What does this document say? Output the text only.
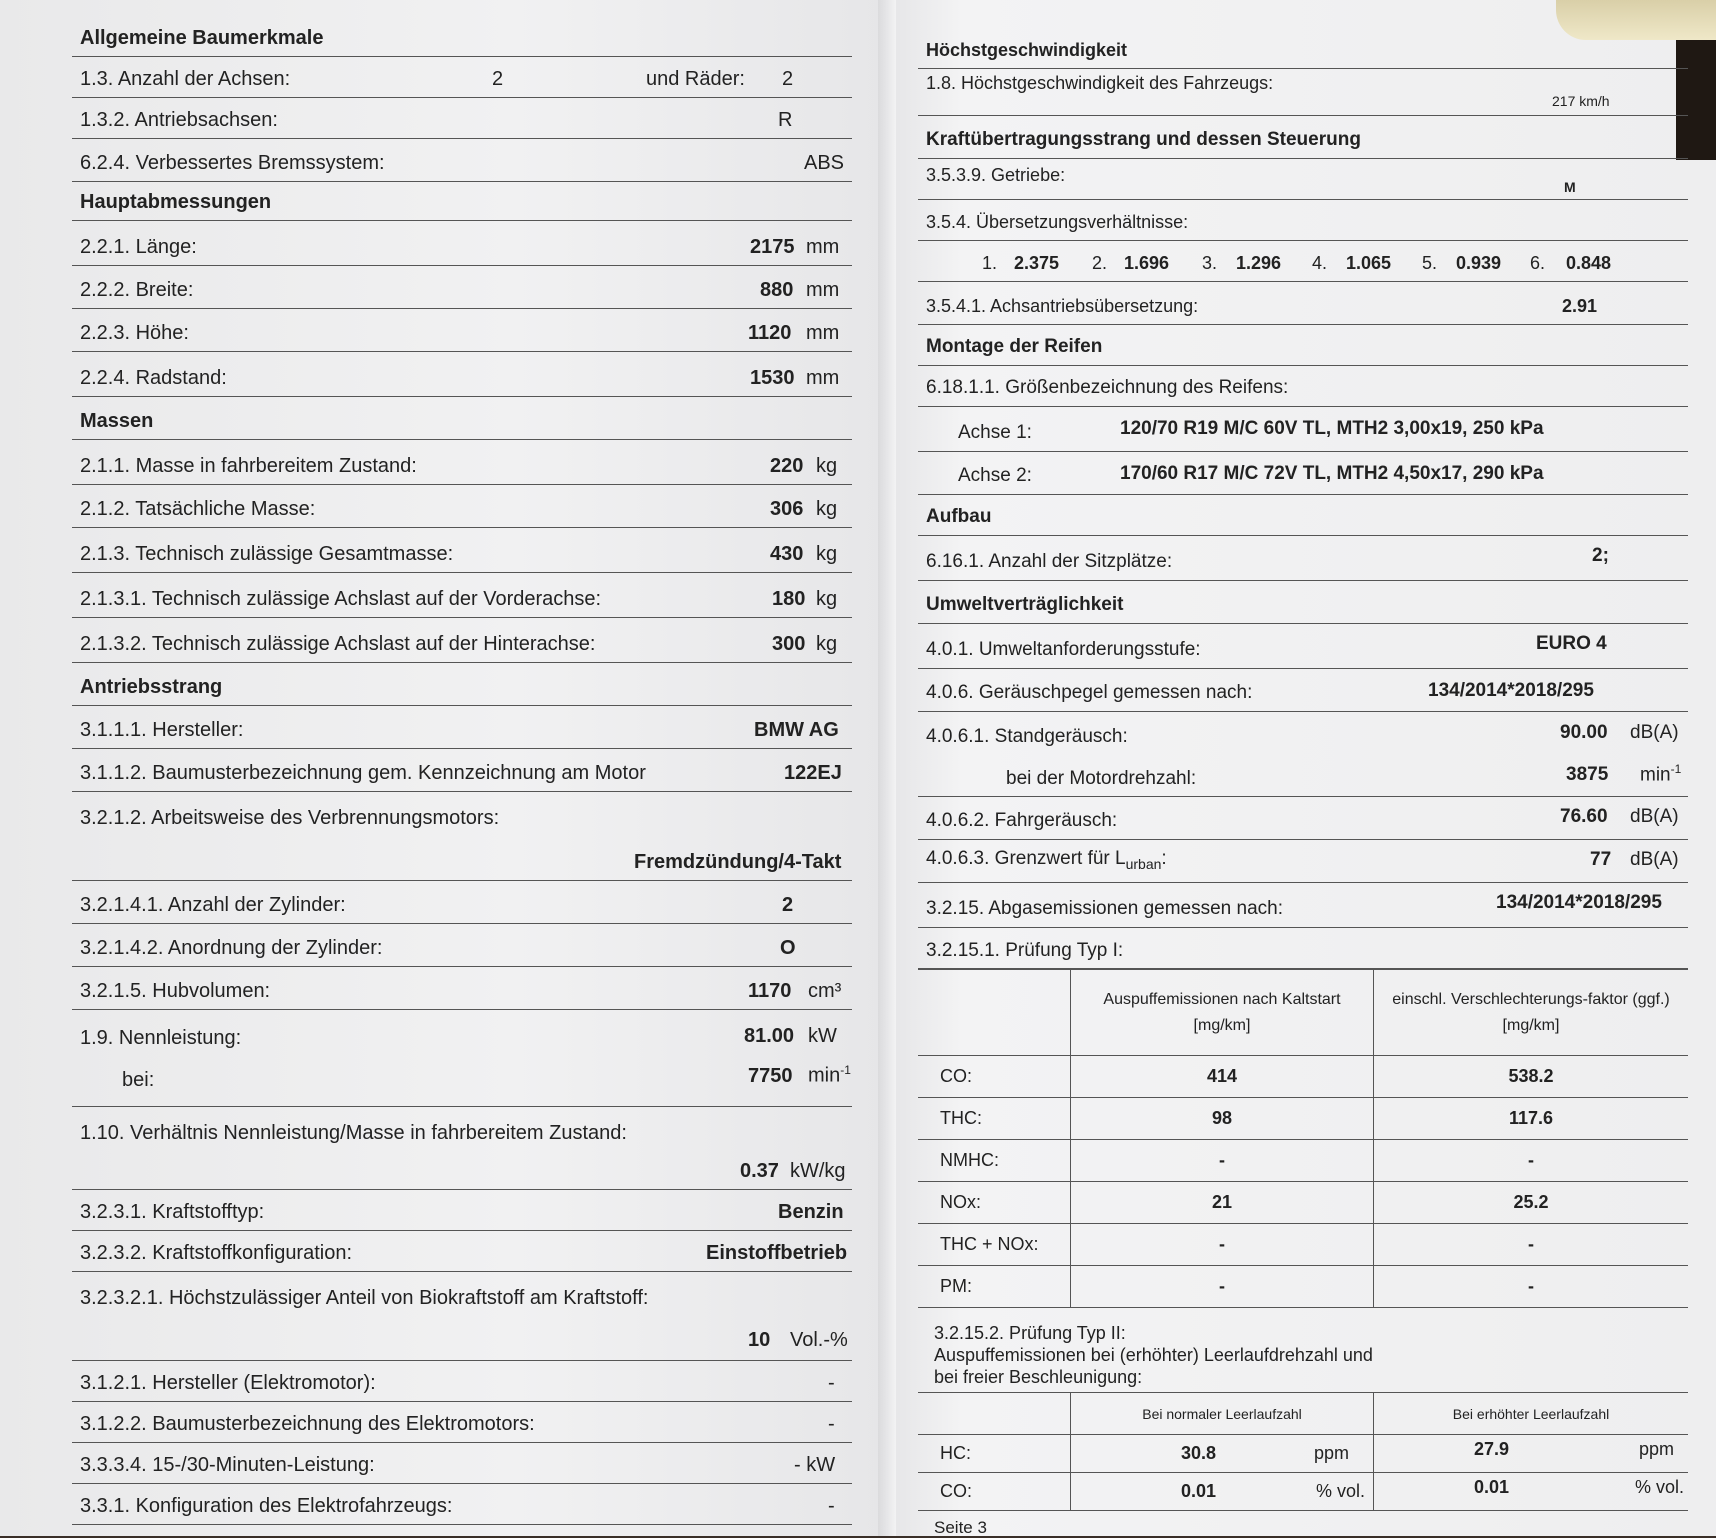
Allgemeine Baumerkmale
1.3. Anzahl der Achsen:	2	und Räder: 2
1.3.2. Antriebsachsen:	R
6.2.4. Verbessertes Bremssystem:	ABS
Hauptabmessungen
2.2.1. Länge:	2175 mm
2.2.2. Breite:	880 mm
2.2.3. Höhe:	1120 mm
2.2.4. Radstand:	1530 mm
Massen
2.1.1. Masse in fahrbereitem Zustand:	220 kg
2.1.2. Tatsächliche Masse:	306 kg
2.1.3. Technisch zulässige Gesamtmasse:	430 kg
2.1.3.1. Technisch zulässige Achslast auf der Vorderachse:	180 kg
2.1.3.2. Technisch zulässige Achslast auf der Hinterachse:	300 kg
Antriebsstrang
3.1.1.1. Hersteller:	BMW AG
3.1.1.2. Baumusterbezeichnung gem. Kennzeichnung am Motor	122EJ
3.2.1.2. Arbeitsweise des Verbrennungsmotors:
Fremdzündung/4-Takt
3.2.1.4.1. Anzahl der Zylinder:	2
3.2.1.4.2. Anordnung der Zylinder:	O
3.2.1.5. Hubvolumen:	1170 cm³
1.9. Nennleistung:	81.00 kW
bei:	7750 $\min^{-1}$
1.10. Verhältnis Nennleistung/Masse in fahrbereitem Zustand:
0.37 kW/kg
3.2.3.1. Kraftstofftyp:	Benzin
3.2.3.2. Kraftstoffkonfiguration:	Einstoffbetrieb
3.2.3.2.1. Höchstzulässiger Anteil von Biokraftstoff am Kraftstoff:
10 Vol.-%
3.1.2.1. Hersteller (Elektromotor):	-
3.1.2.2. Baumusterbezeichnung des Elektromotors:	-
3.3.3.4. 15-/30-Minuten-Leistung:	- kW
3.3.1. Konfiguration des Elektrofahrzeugs:	-
Höchstgeschwindigkeit
1.8. Höchstgeschwindigkeit des Fahrzeugs:
217 km/h
Kraftübertragungsstrang und dessen Steuerung
3.5.3.9. Getriebe:
M
3.5.4. Übersetzungsverhältnisse:
1. 2.375 2. 1.696 3. 1.296 4. 1.065 5. 0.939 6. 0.848
3.5.4.1. Achsantriebsübersetzung:	2.91
Montage der Reifen
6.18.1.1. Größenbezeichnung des Reifens:
Achse 1:	120/70 R19 M/C 60V TL, MTH2 3,00x19, 250 kPa
Achse 2:	170/60 R17 M/C 72V TL, MTH2 4,50x17, 290 kPa
Aufbau
6.16.1. Anzahl der Sitzplätze:	2;
Umweltverträglichkeit
4.0.1. Umweltanforderungsstufe:	EURO 4
4.0.6. Geräuschpegel gemessen nach:	134/2014*2018/295
4.0.6.1. Standgeräusch:	90.00 dB(A)
bei der Motordrehzahl:	3875 $\min^{-1}$
4.0.6.2. Fahrgeräusch:	76.60 dB(A)
4.0.6.3. Grenzwert für $L_{urban}$:	77 dB(A)
3.2.15. Abgasemissionen gemessen nach:	134/2014*2018/295
3.2.15.1. Prüfung Typ I:
	Auspuffemissionen nach Kaltstart [mg/km]	einschl. Verschlechterungs-faktor (ggf.) [mg/km]
CO:	414	538.2
THC:	98	117.6
NMHC:	-	-
NOx:	21	25.2
THC + NOx:	-	-
PM:	-	-
3.2.15.2. Prüfung Typ II:
Auspuffemissionen bei (erhöhter) Leerlaufdrehzahl und
bei freier Beschleunigung:
	Bei normaler Leerlaufzahl	Bei erhöhter Leerlaufzahl
HC:	30.8 ppm	27.9 ppm

CO:	0.01 % vol.	0.01 % vol.
Seite 3
